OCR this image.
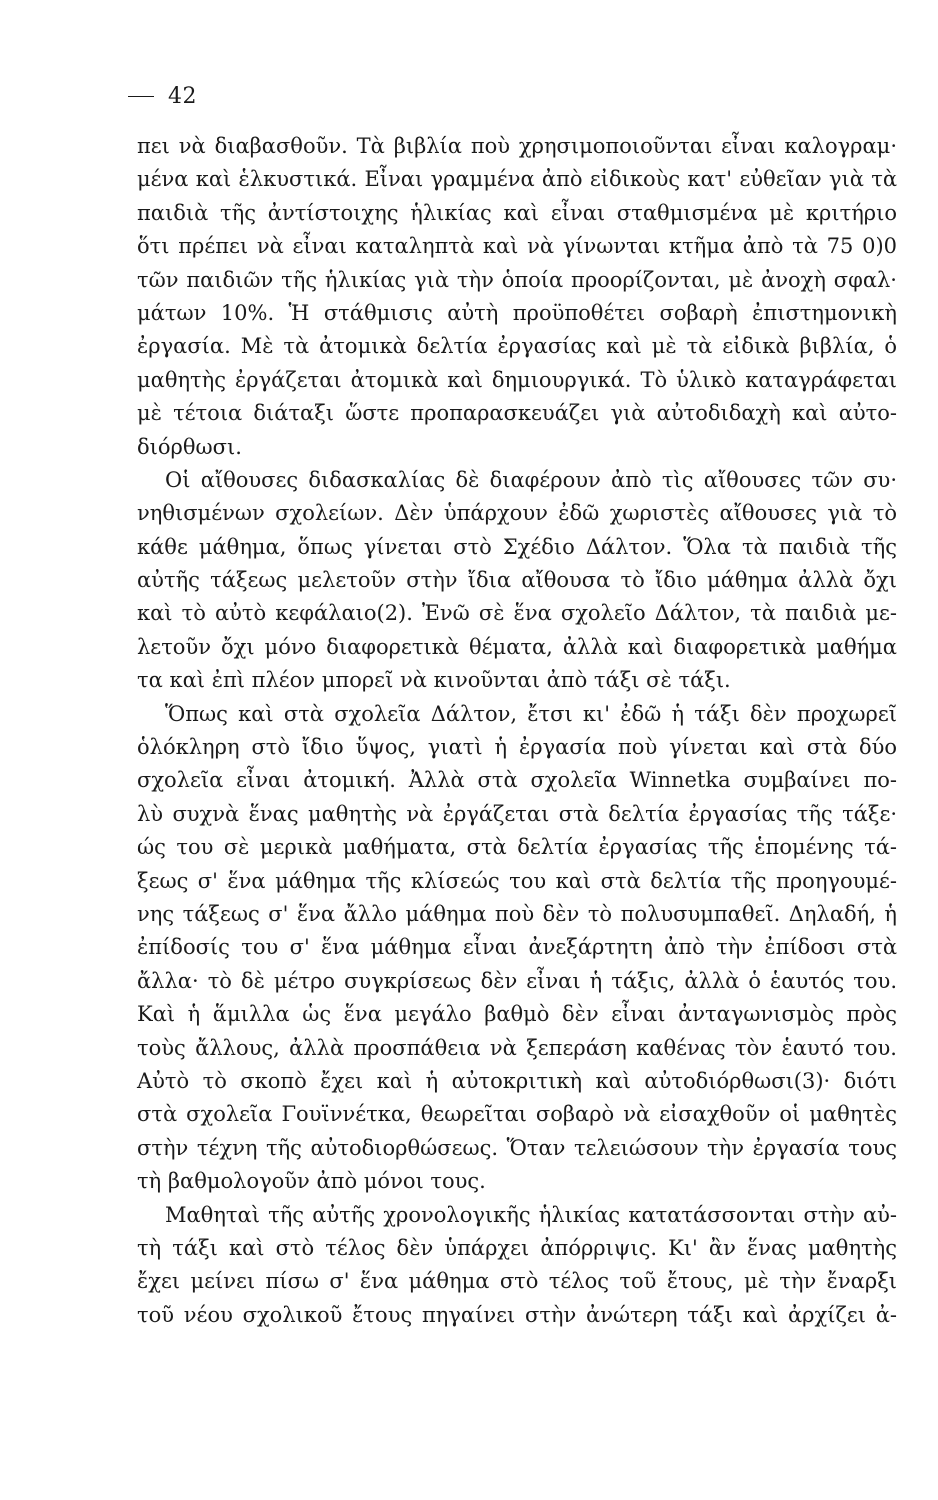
42
πει νὰ διαβασθοῦν. Τὰ βιβλία ποὺ χρησιμοποιοῦνται εἶναι καλογραμ·
μένα καὶ ἑλκυστικά. Εἶναι γραμμένα ἀπὸ εἰδικοὺς κατ' εὐθεῖαν γιὰ τὰ
παιδιὰ τῆς ἀντίστοιχης ἡλικίας καὶ εἶναι σταθμισμένα μὲ κριτήριο
ὅτι πρέπει νὰ εἶναι καταληπτὰ καὶ νὰ γίνωνται κτῆμα ἀπὸ τὰ 75 0)0
τῶν παιδιῶν τῆς ἡλικίας γιὰ τὴν ὁποία προορίζονται, μὲ ἀνοχὴ σφαλ·
μάτων 10%. Ἡ στάθμισις αὐτὴ προϋποθέτει σοβαρὴ ἐπιστημονικὴ
ἐργασία. Μὲ τὰ ἀτομικὰ δελτία ἐργασίας καὶ μὲ τὰ εἰδικὰ βιβλία, ὁ
μαθητὴς ἐργάζεται ἀτομικὰ καὶ δημιουργικά. Τὸ ὑλικὸ καταγράφεται
μὲ τέτοια διάταξι ὥστε προπαρασκευάζει γιὰ αὐτοδιδαχὴ καὶ αὐτο-
διόρθωσι.
Οἱ αἴθουσες διδασκαλίας δὲ διαφέρουν ἀπὸ τὶς αἴθουσες τῶν συ·
νηθισμένων σχολείων. Δὲν ὑπάρχουν ἐδῶ χωριστὲς αἴθουσες γιὰ τὸ
κάθε μάθημα, ὅπως γίνεται στὸ Σχέδιο Δάλτον. Ὅλα τὰ παιδιὰ τῆς
αὐτῆς τάξεως μελετοῦν στὴν ἴδια αἴθουσα τὸ ἴδιο μάθημα ἀλλὰ ὄχι
καὶ τὸ αὐτὸ κεφάλαιο(2). Ἐνῶ σὲ ἕνα σχολεῖο Δάλτον, τὰ παιδιὰ με-
λετοῦν ὄχι μόνο διαφορετικὰ θέματα, ἀλλὰ καὶ διαφορετικὰ μαθήμα
τα καὶ ἐπὶ πλέον μπορεῖ νὰ κινοῦνται ἀπὸ τάξι σὲ τάξι.
Ὅπως καὶ στὰ σχολεῖα Δάλτον, ἔτσι κι' ἐδῶ ἡ τάξι δὲν προχωρεῖ
ὁλόκληρη στὸ ἴδιο ὕψος, γιατὶ ἡ ἐργασία ποὺ γίνεται καὶ στὰ δύο
σχολεῖα εἶναι ἀτομική. Ἀλλὰ στὰ σχολεῖα Winnetka συμβαίνει πο-
λὺ συχνὰ ἕνας μαθητὴς νὰ ἐργάζεται στὰ δελτία ἐργασίας τῆς τάξε·
ώς του σὲ μερικὰ μαθήματα, στὰ δελτία ἐργασίας τῆς ἑπομένης τά-
ξεως σ' ἕνα μάθημα τῆς κλίσεώς του καὶ στὰ δελτία τῆς προηγουμέ-
νης τάξεως σ' ἕνα ἄλλο μάθημα ποὺ δὲν τὸ πολυσυμπαθεῖ. Δηλαδή, ἡ
ἐπίδοσίς του σ' ἕνα μάθημα εἶναι ἀνεξάρτητη ἀπὸ τὴν ἐπίδοσι στὰ
ἄλλα· τὸ δὲ μέτρο συγκρίσεως δὲν εἶναι ἡ τάξις, ἀλλὰ ὁ ἑαυτός του.
Καὶ ἡ ἅμιλλα ὡς ἕνα μεγάλο βαθμὸ δὲν εἶναι ἀνταγωνισμὸς πρὸς
τοὺς ἄλλους, ἀλλὰ προσπάθεια νὰ ξεπεράση καθένας τὸν ἑαυτό του.
Αὐτὸ τὸ σκοπὸ ἔχει καὶ ἡ αὐτοκριτικὴ καὶ αὐτοδιόρθωσι(3)· διότι
στὰ σχολεῖα Γουϊννέτκα, θεωρεῖται σοβαρὸ νὰ εἰσαχθοῦν οἱ μαθητὲς
στὴν τέχνη τῆς αὐτοδιορθώσεως. Ὅταν τελειώσουν τὴν ἐργασία τους
τὴ βαθμολογοῦν ἀπὸ μόνοι τους.
Μαθηταὶ τῆς αὐτῆς χρονολογικῆς ἡλικίας κατατάσσονται στὴν αὐ-
τὴ τάξι καὶ στὸ τέλος δὲν ὑπάρχει ἀπόρριψις. Κι' ἂν ἕνας μαθητὴς
ἔχει μείνει πίσω σ' ἕνα μάθημα στὸ τέλος τοῦ ἔτους, μὲ τὴν ἔναρξι
τοῦ νέου σχολικοῦ ἔτους πηγαίνει στὴν ἀνώτερη τάξι καὶ ἀρχίζει ἀ-
